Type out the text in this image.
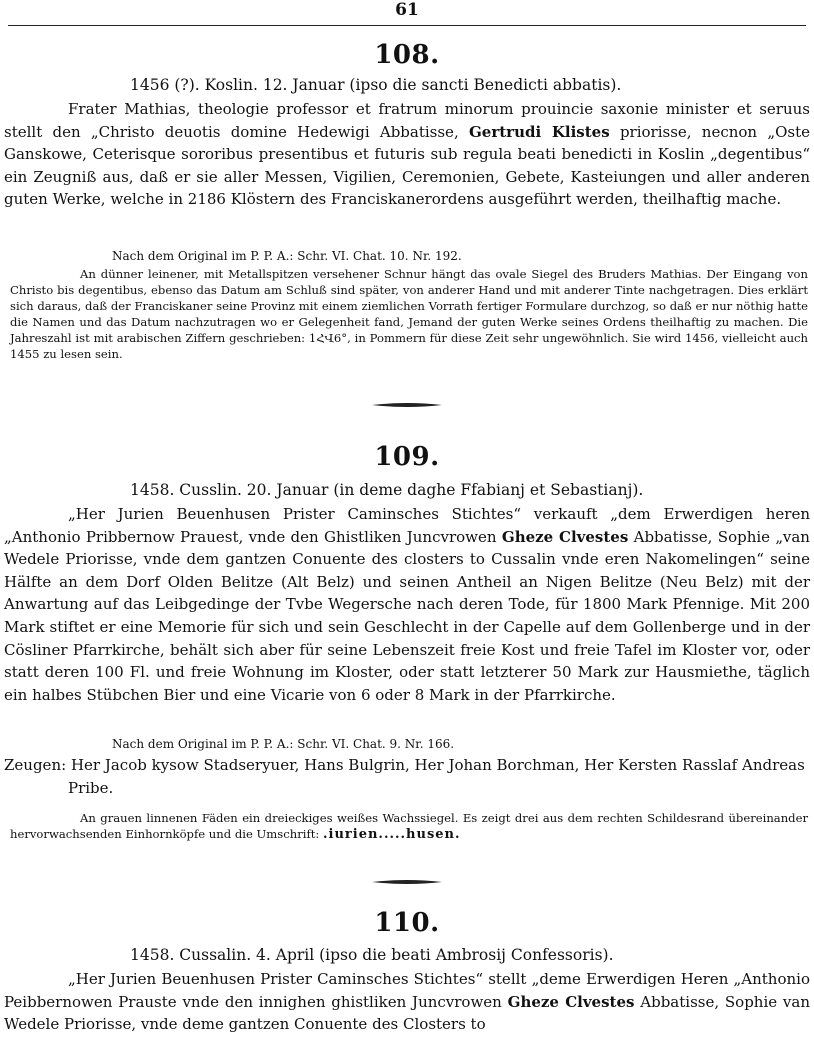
61
108.
1456 (?). Koslin. 12. Januar (ipso die sancti Benedicti abbatis).

Frater Mathias, theologie professor et fratrum minorum prouincie saxonie minister et seruus stellt den „Christo deuotis domine Hedewigi Abbatisse, Gertrudi Klistes priorisse, necnon „Oste Ganskowe, Ceterisque sororibus presentibus et futuris sub regula beati benedicti in Koslin „degentibus“ ein Zeugniß aus, daß er sie aller Messen, Vigilien, Ceremonien, Gebete, Kasteiungen und aller anderen guten Werke, welche in 2186 Klöstern des Franciskanerordens ausgeführt werden, theilhaftig mache.

Nach dem Original im P. P. A.: Schr. VI. Chat. 10. Nr. 192.

An dünner leinener, mit Metallspitzen versehener Schnur hängt das ovale Siegel des Bruders Mathias. Der Eingang von Christo bis degentibus, ebenso das Datum am Schluß sind später, von anderer Hand und mit anderer Tinte nachgetragen. Dies erklärt sich daraus, daß der Franciskaner seine Provinz mit einem ziemlichen Vorrath fertiger Formulare durchzog, so daß er nur nöthig hatte die Namen und das Datum nachzutragen wo er Gelegenheit fand, Jemand der guten Werke seines Ordens theilhaftig zu machen. Die Jahreszahl ist mit arabischen Ziffern geschrieben: 1ՀՎ6°, in Pommern für diese Zeit sehr ungewöhnlich. Sie wird 1456, vielleicht auch 1455 zu lesen sein.

109.
1458. Cusslin. 20. Januar (in deme daghe Ffabianj et Sebastianj).

„Her Jurien Beuenhusen Prister Caminsches Stichtes“ verkauft „dem Erwerdigen heren „Anthonio Pribbernow Prauest, vnde den Ghistliken Juncvrowen Gheze Clvestes Abbatisse, Sophie „van Wedele Priorisse, vnde dem gantzen Conuente des closters to Cussalin vnde eren Nakomelingen“ seine Hälfte an dem Dorf Olden Belitze (Alt Belz) und seinen Antheil an Nigen Belitze (Neu Belz) mit der Anwartung auf das Leibgedinge der Tvbe Wegersche nach deren Tode, für 1800 Mark Pfennige. Mit 200 Mark stiftet er eine Memorie für sich und sein Geschlecht in der Capelle auf dem Gollenberge und in der Cösliner Pfarrkirche, behält sich aber für seine Lebenszeit freie Kost und freie Tafel im Kloster vor, oder statt deren 100 Fl. und freie Wohnung im Kloster, oder statt letzterer 50 Mark zur Hausmiethe, täglich ein halbes Stübchen Bier und eine Vicarie von 6 oder 8 Mark in der Pfarrkirche.

Nach dem Original im P. P. A.: Schr. VI. Chat. 9. Nr. 166.

Zeugen: Her Jacob kysow Stadseryuer, Hans Bulgrin, Her Johan Borchman, Her Kersten Rasslaf Andreas Pribe.

An grauen linnenen Fäden ein dreieckiges weißes Wachssiegel. Es zeigt drei aus dem rechten Schildesrand übereinander hervorwachsenden Einhornköpfe und die Umschrift: .iurien.....husen.

110.
1458. Cussalin. 4. April (ipso die beati Ambrosij Confessoris).

„Her Jurien Beuenhusen Prister Caminsches Stichtes“ stellt „deme Erwerdigen Heren „Anthonio Peibbernowen Prauste vnde den innighen ghistliken Juncvrowen Gheze Clvestes Abbatisse, Sophie van Wedele Priorisse, vnde deme gantzen Conuente des Closters to
